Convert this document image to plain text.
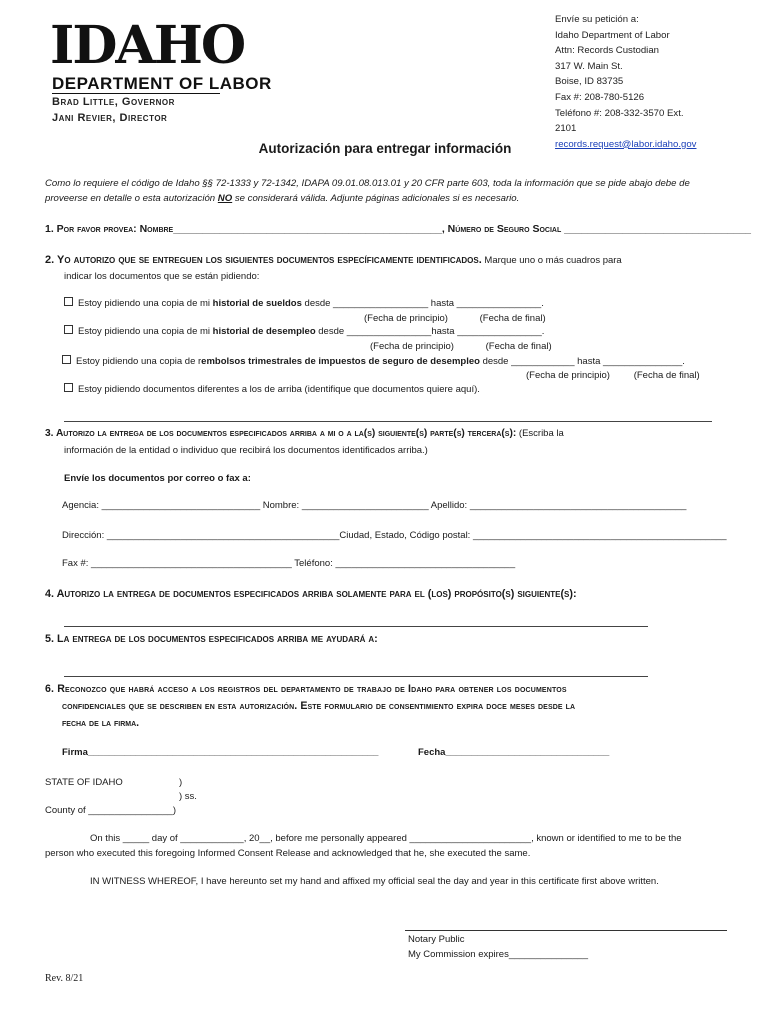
IDAHO
DEPARTMENT OF LABOR
Brad Little, Governor
Jani Revier, Director
Envíe su petición a:
Idaho Department of Labor
Attn: Records Custodian
317 W. Main St.
Boise, ID 83735
Fax #: 208-780-5126
Teléfono #: 208-332-3570 Ext.
2101
records.request@labor.idaho.gov
Autorización para entregar información
Como lo requiere el código de Idaho §§ 72-1333 y 72-1342, IDAPA 09.01.08.013.01 y 20 CFR parte 603, toda la información que se pide abajo debe de proveerse en detalle o esta autorización NO se considerará válida. Adjunte páginas adicionales si es necesario.
1. Por favor provea: Nombre______________________________________________, Número de Seguro Social ________________________________
2. Yo autorizo que se entreguen los siguientes documentos específicamente identificados. Marque uno o más cuadros para
indicar los documentos que se están pidiendo:
Estoy pidiendo una copia de mi historial de sueldos desde __________________ hasta ________________.
(Fecha de principio)            (Fecha de final)
Estoy pidiendo una copia de mi historial de desempleo desde ________________hasta ________________.
(Fecha de principio)            (Fecha de final)
Estoy pidiendo una copia de rembolsos trimestrales de impuestos de seguro de desempleo desde ____________ hasta _______________.
(Fecha de principio)         (Fecha de final)
Estoy pidiendo documentos diferentes a los de arriba (identifique que documentos quiere aquí).
3. Autorizo la entrega de los documentos especificados arriba a mi o a la(s) siguiente(s) parte(s) tercera(s): (Escriba la
información de la entidad o individuo que recibirá los documentos identificados arriba.)
Envíe los documentos por correo o fax a:
Agencia: ______________________________ Nombre: ________________________ Apellido: _________________________________________
Dirección: ____________________________________________Ciudad, Estado, Código postal: ________________________________________________
Fax #: ______________________________________ Teléfono: __________________________________
4. Autorizo la entrega de documentos especificados arriba solamente para el (los) propósito(s) siguiente(s):
5. La entrega de los documentos especificados arriba me ayudará a:
6. Reconozco que habrá acceso a los registros del departamento de trabajo de Idaho para obtener los documentos
confidenciales que se describen en esta autorización. Este formulario de consentimiento expira doce meses desde la
fecha de la firma.
Firma_______________________________________________________	Fecha_______________________________
STATE OF IDAHO	)
) ss.
County of ________________)
On this _____ day of ____________, 20__, before me personally appeared _______________________, known or identified to me to be the
person who executed this foregoing Informed Consent Release and acknowledged that he, she executed the same.
IN WITNESS WHEREOF, I have hereunto set my hand and affixed my official seal the day and year in this certificate first above written.
Notary Public
My Commission expires_______________
Rev. 8/21
